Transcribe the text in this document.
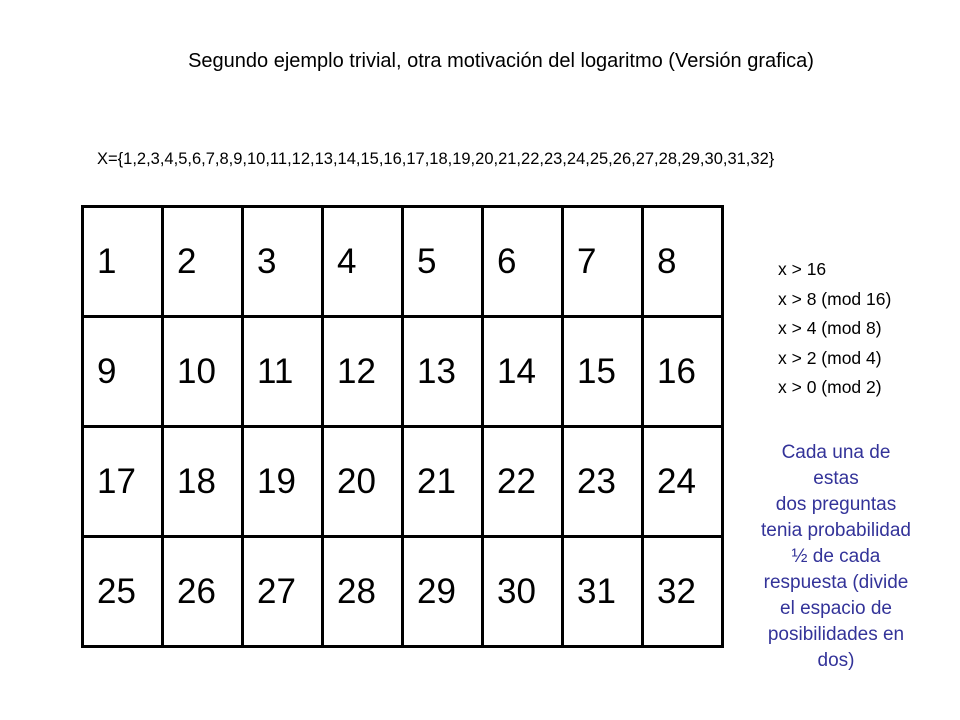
Segundo ejemplo trivial, otra motivación del logaritmo (Versión grafica)
X={1,2,3,4,5,6,7,8,9,10,11,12,13,14,15,16,17,18,19,20,21,22,23,24,25,26,27,28,29,30,31,32}
1	2	3	4	5	6	7	8
9	10	11	12	13	14	15	16
17	18	19	20	21	22	23	24
25	26	27	28	29	30	31	32
x > 16
x > 8 (mod 16)
x > 4 (mod 8)
x > 2 (mod 4)
x > 0 (mod 2)
Cada una de
estas
dos preguntas
tenia probabilidad
½ de cada
respuesta (divide
el espacio de
posibilidades en
dos)
